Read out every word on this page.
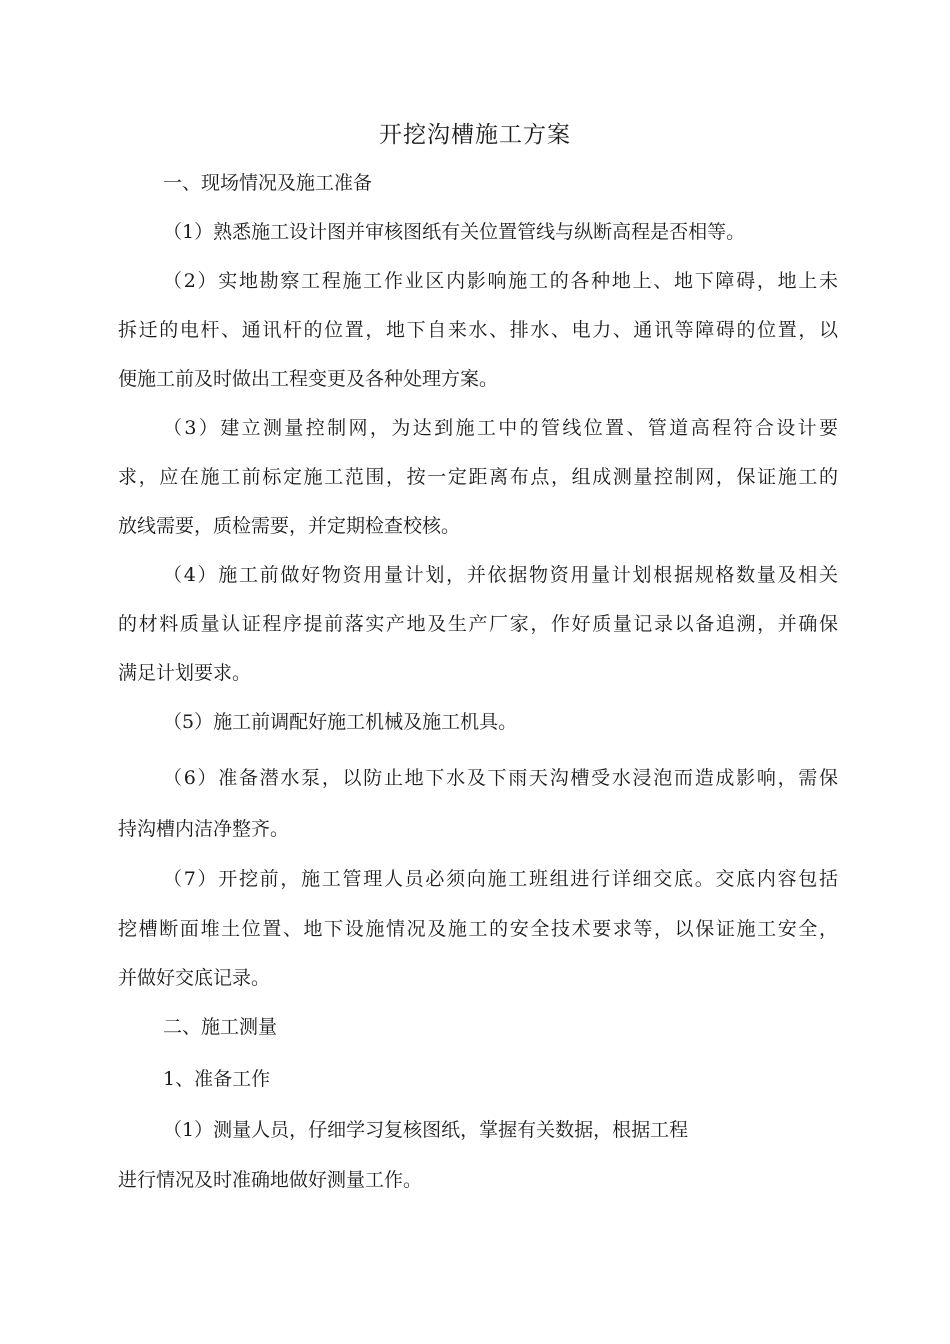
开挖沟槽施工方案
一、现场情况及施工准备
（1）熟悉施工设计图并审核图纸有关位置管线与纵断高程是否相等。
（2）实地勘察工程施工作业区内影响施工的各种地上、地下障碍，地上未
拆迁的电杆、通讯杆的位置，地下自来水、排水、电力、通讯等障碍的位置，以
便施工前及时做出工程变更及各种处理方案。
（3）建立测量控制网，为达到施工中的管线位置、管道高程符合设计要
求，应在施工前标定施工范围，按一定距离布点，组成测量控制网，保证施工的
放线需要，质检需要，并定期检查校核。
（4）施工前做好物资用量计划，并依据物资用量计划根据规格数量及相关
的材料质量认证程序提前落实产地及生产厂家，作好质量记录以备追溯，并确保
满足计划要求。
（5）施工前调配好施工机械及施工机具。
（6）准备潜水泵，以防止地下水及下雨天沟槽受水浸泡而造成影响，需保
持沟槽内洁净整齐。
（7）开挖前，施工管理人员必须向施工班组进行详细交底。交底内容包括
挖槽断面堆土位置、地下设施情况及施工的安全技术要求等，以保证施工安全，
并做好交底记录。
二、施工测量
1、准备工作
（1）测量人员，仔细学习复核图纸，掌握有关数据，根据工程
进行情况及时准确地做好测量工作。
